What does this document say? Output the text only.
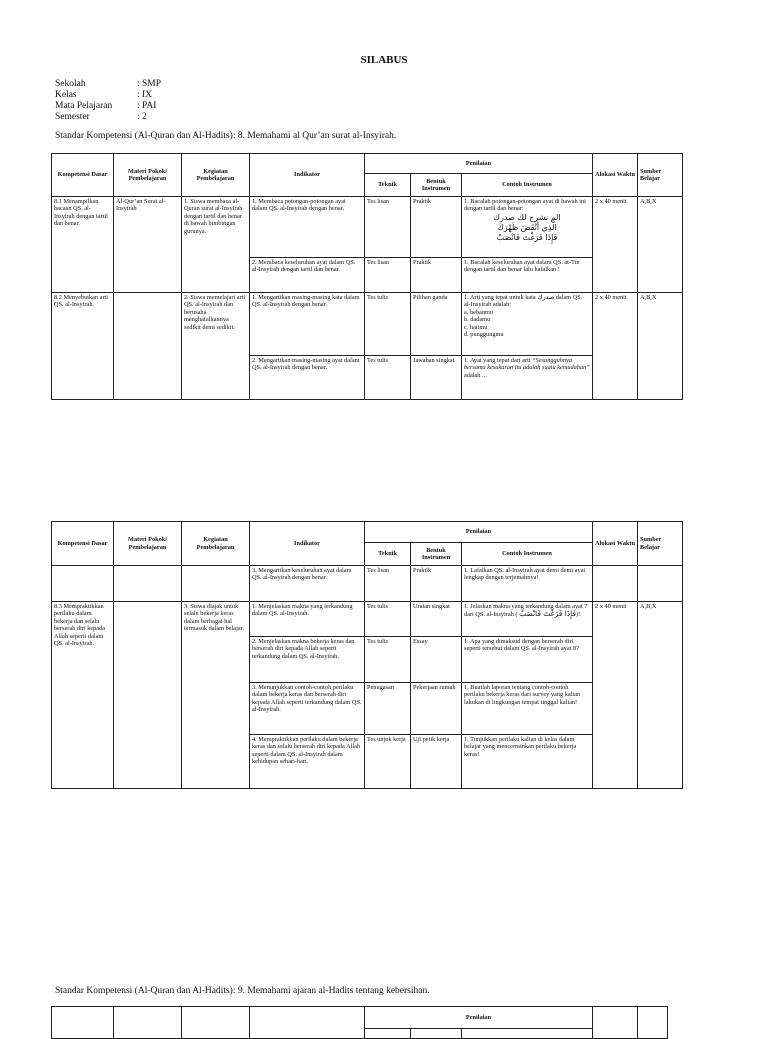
SILABUS
Sekolah	: SMP
Kelas	: IX
Mata Pelajaran	: PAI
Semester	: 2
Standar Kompetensi (Al-Quran dan Al-Hadits): 8. Memahami al Qur’an surat al-Insyirah.
Kompetensi Dasar	Materi Pokok/ Pembelajaran	Kegiatan Pembelajaran	Indikator	Penilaian			Alokasi Waktu	Sumber Belajar

				Teknik	Bentuk Instrumen	Contoh Instrumen		
8.1 Menampilkan bacaan QS. al-Insyirah dengan tartil dan benar.	Al-Qur’an Surat al-Insyirah	1. Siswa membaca al-Quran surat al-Insyirah dengan tartil dan benar di bawah bimbingan gurunya.	1. Membaca potongan-potongan ayat dalam QS. al-Insyirah dengan benar.	Tes lisan	Praktik	1. Bacalah potongan-potongan ayat di bawah ini dengan tartil dan benar:
الم نشرح لك صدرك
الَّذِي أَنْقَضَ ظَهْرَكَ
فَإِذَا فَرَغْتَ فَانْصَبْ	2 x 40 menit	A,B,X
			2. Membaca keseluruhan ayat dalam QS. al-Insyirah dengan tartil dan benar.	Tes lisan	Praktik	1. Bacalah keseluruhan ayat dalam QS. at-Tin dengan tartil dan benar lalu hafalkan !		
8.2 Menyebutkan arti QS. al-Insyirah.		2. Siswa memelajari arti QS. al-Insyirah dan berusaha menghafalkannya sedikit demi sedikit.	1. Mengartikan masing-masing kata dalam QS. al-Insyirah dengan benar.	Tes tulis	Pilihan ganda	1. Arti yang tepat untuk kata صدرك dalam QS. al-Insyirah adalah:
a. bebanmu
b. dadamu
c. hatimu
d. punggungmu	2 x 40 menit	A,B,X
			2. Mengartikan masing-masing ayat dalam QS. al-Insyirah dengan benar.	Tes tulis	Jawaban singkat	1. Ayat yang tepat dari arti “Sesungguhnya bersama kesukaran itu adalah suatu kemudahan” adalah ...		
Kompetensi Dasar	Materi Pokok/ Pembelajaran	Kegiatan Pembelajaran	Indikator	Penilaian			Alokasi Waktu	Sumber Belajar

				Teknik	Bentuk Instrumen	Contoh Instrumen		
			3. Mengartikan keseluruhan ayat dalam QS. al-Insyirah dengan benar.	Tes lisan	Praktik	1. Lafalkan QS. al-Insyirah ayat demi demi ayat lengkap dengan terjemahnya!		
8.3 Mempraktikkan perilaku dalam bekerja dan selalu berserah diri kepada Allah seperti dalam QS. al-Insyirah.		3. Siswa diajak untuk selalu bekerja keras dalam berbagai hal termasuk dalam belajar.	1. Menjelaskan makna yang terkandung dalam QS. al-Insyirah.	Tes tulis	Uraian singkat	1. Jelaskan makna yang terkandung dalam ayat 7 dari QS. al-Insyirah ( فَإِذَا فَرَغْتَ فَانْصَبْ)!	2 x 40 menit	A,B,X
			2. Menjelaskan makna bekerja keras dan berserah diri kepada Allah seperti terkandung dalam QS. al-Insyirah.	Tes tulis	Essay	1. Apa yang dimaksud dengan berserah diri seperti tersebut dalam QS. al-Insyirah ayat 8?		
			3. Menunjukkan contoh-contoh perilaku dalam bekerja keras dan berserah diri kepada Allah seperti terkandung dalam QS. al-Insyirah.	Penugasan	Pekerjaan rumah	1. Buatlah laporan tentang contoh-contoh perilaku bekerja keras dari survey yang kalian lakukan di lingkungan tempat tinggal kalian!		
			4. Mempraktikkan perilaku dalam bekerja keras dan selalu berserah diri kepada Allah seperti dalam QS. al-Insyirah dalam kehidupan sehari-hari.	Tes unjuk kerja	Uji petik kerja	1. Tunjukkan perilaku kalian di kelas dalam belajar yang mencerminkan perilaku bekerja keras!		
Standar Kompetensi (Al-Quran dan Al-Hadits): 9. Memahami ajaran al-Hadits tentang kebersihan.
				Penilaian				
